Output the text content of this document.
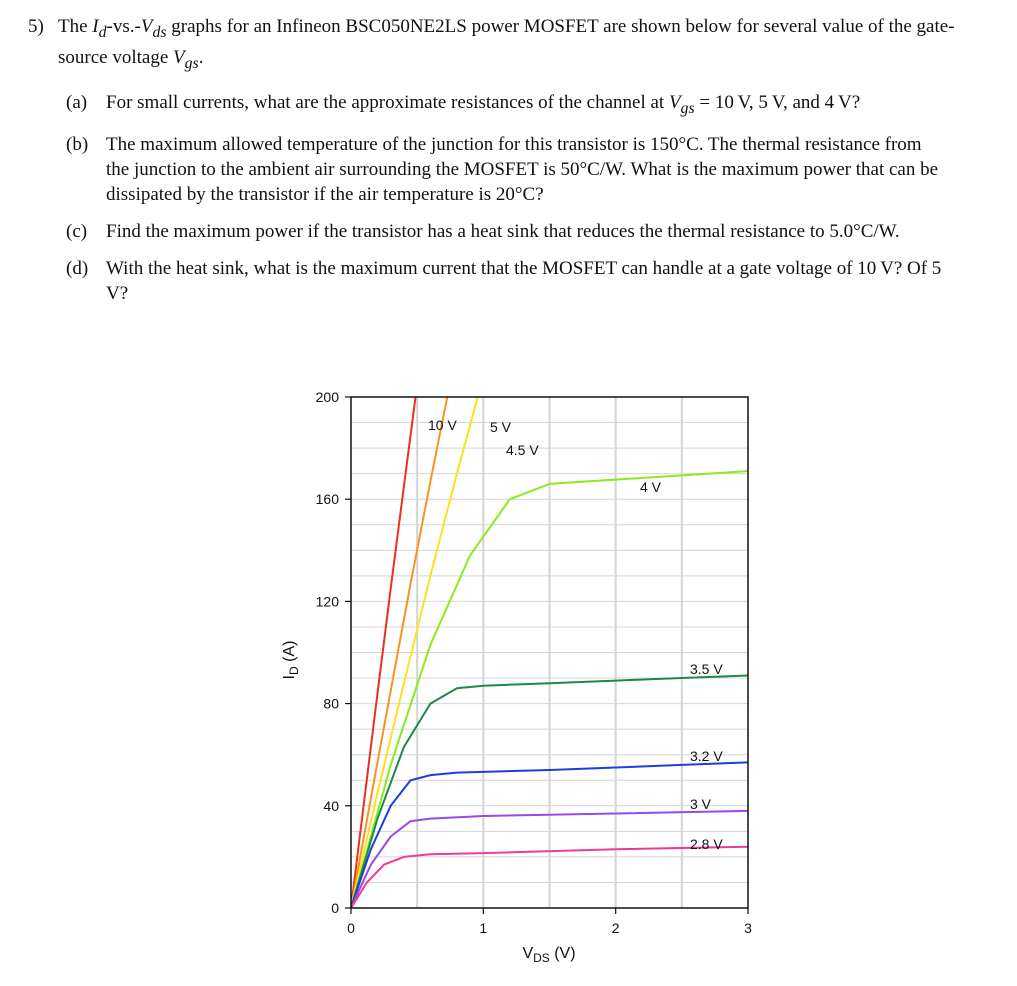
5) The $I_d-vs.-V_{ds}$ graphs for an Infineon BSC050NE2LS power MOSFET are shown below for several value of the gate-source voltage $V_{gs}$.
(a) For small currents, what are the approximate resistances of the channel at $V_{gs} = 10$ V, 5 V, and 4 V?
(b) The maximum allowed temperature of the junction for this transistor is 150°C. The thermal resistance from the junction to the ambient air surrounding the MOSFET is 50°C/W. What is the maximum power that can be dissipated by the transistor if the air temperature is 20°C?
(c) Find the maximum power if the transistor has a heat sink that reduces the thermal resistance to 5.0°C/W.
(d) With the heat sink, what is the maximum current that the MOSFET can handle at a gate voltage of 10 V? Of 5 V?
0
40
80
120
160
200
0	1	2	3
10 V 5 V
4.5 V
4 V
3.5 V
3.2 V
3 V
2.8 V
$V_{DS}$ (V)
$I_D$ (A)
